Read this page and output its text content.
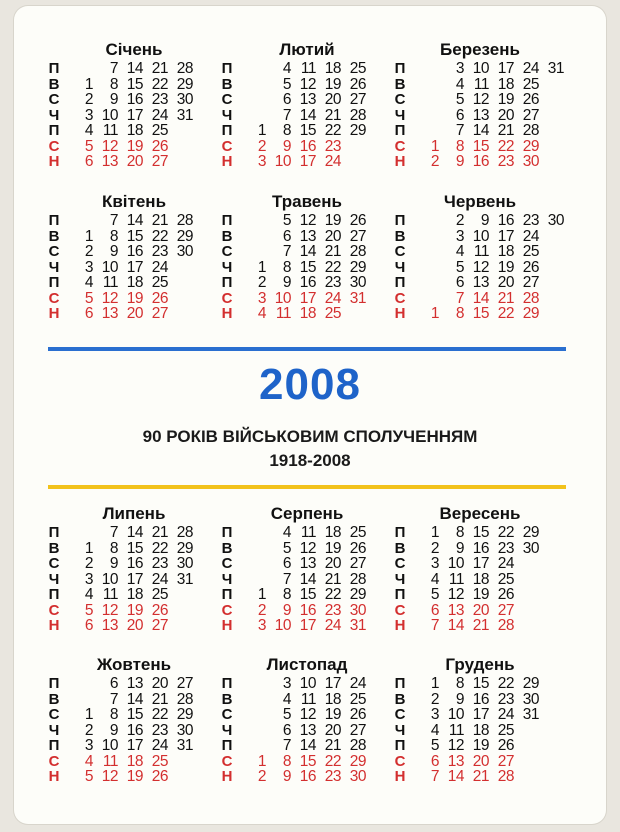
Січень
П
В
С
Ч
П
С
Н
7 14 21 28
1 8 15 22 29
2 9 16 23 30
3 10 17 24 31
4 11 18 25
5 12 19 26
6 13 20 27
Лютий
П
В
С
Ч
П
С
Н
4 11 18 25
5 12 19 26
6 13 20 27
7 14 21 28
1 8 15 22 29
2 9 16 23
3 10 17 24
Березень
П
В
С
Ч
П
С
Н
3 10 17 24 31
4 11 18 25
5 12 19 26
6 13 20 27
7 14 21 28
1 8 15 22 29
2 9 16 23 30
Квітень
П
В
С
Ч
П
С
Н
7 14 21 28
1 8 15 22 29
2 9 16 23 30
3 10 17 24
4 11 18 25
5 12 19 26
6 13 20 27
Травень
П
В
С
Ч
П
С
Н
5 12 19 26
6 13 20 27
7 14 21 28
1 8 15 22 29
2 9 16 23 30
3 10 17 24 31
4 11 18 25
Червень
П
В
С
Ч
П
С
Н
2 9 16 23 30
3 10 17 24
4 11 18 25
5 12 19 26
6 13 20 27
7 14 21 28
1 8 15 22 29
Липень
П
В
С
Ч
П
С
Н
7 14 21 28
1 8 15 22 29
2 9 16 23 30
3 10 17 24 31
4 11 18 25
5 12 19 26
6 13 20 27
Серпень
П
В
С
Ч
П
С
Н
4 11 18 25
5 12 19 26
6 13 20 27
7 14 21 28
1 8 15 22 29
2 9 16 23 30
3 10 17 24 31
Вересень
П
В
С
Ч
П
С
Н
1 8 15 22 29
2 9 16 23 30
3 10 17 24
4 11 18 25
5 12 19 26
6 13 20 27
7 14 21 28
Жовтень
П
В
С
Ч
П
С
Н
6 13 20 27
7 14 21 28
1 8 15 22 29
2 9 16 23 30
3 10 17 24 31
4 11 18 25
5 12 19 26
Листопад
П
В
С
Ч
П
С
Н
3 10 17 24
4 11 18 25
5 12 19 26
6 13 20 27
7 14 21 28
1 8 15 22 29
2 9 16 23 30
Грудень
П
В
С
Ч
П
С
Н
1 8 15 22 29
2 9 16 23 30
3 10 17 24 31
4 11 18 25
5 12 19 26
6 13 20 27
7 14 21 28
2008
90 РОКІВ ВІЙСЬКОВИМ СПОЛУЧЕННЯМ
1918-2008
